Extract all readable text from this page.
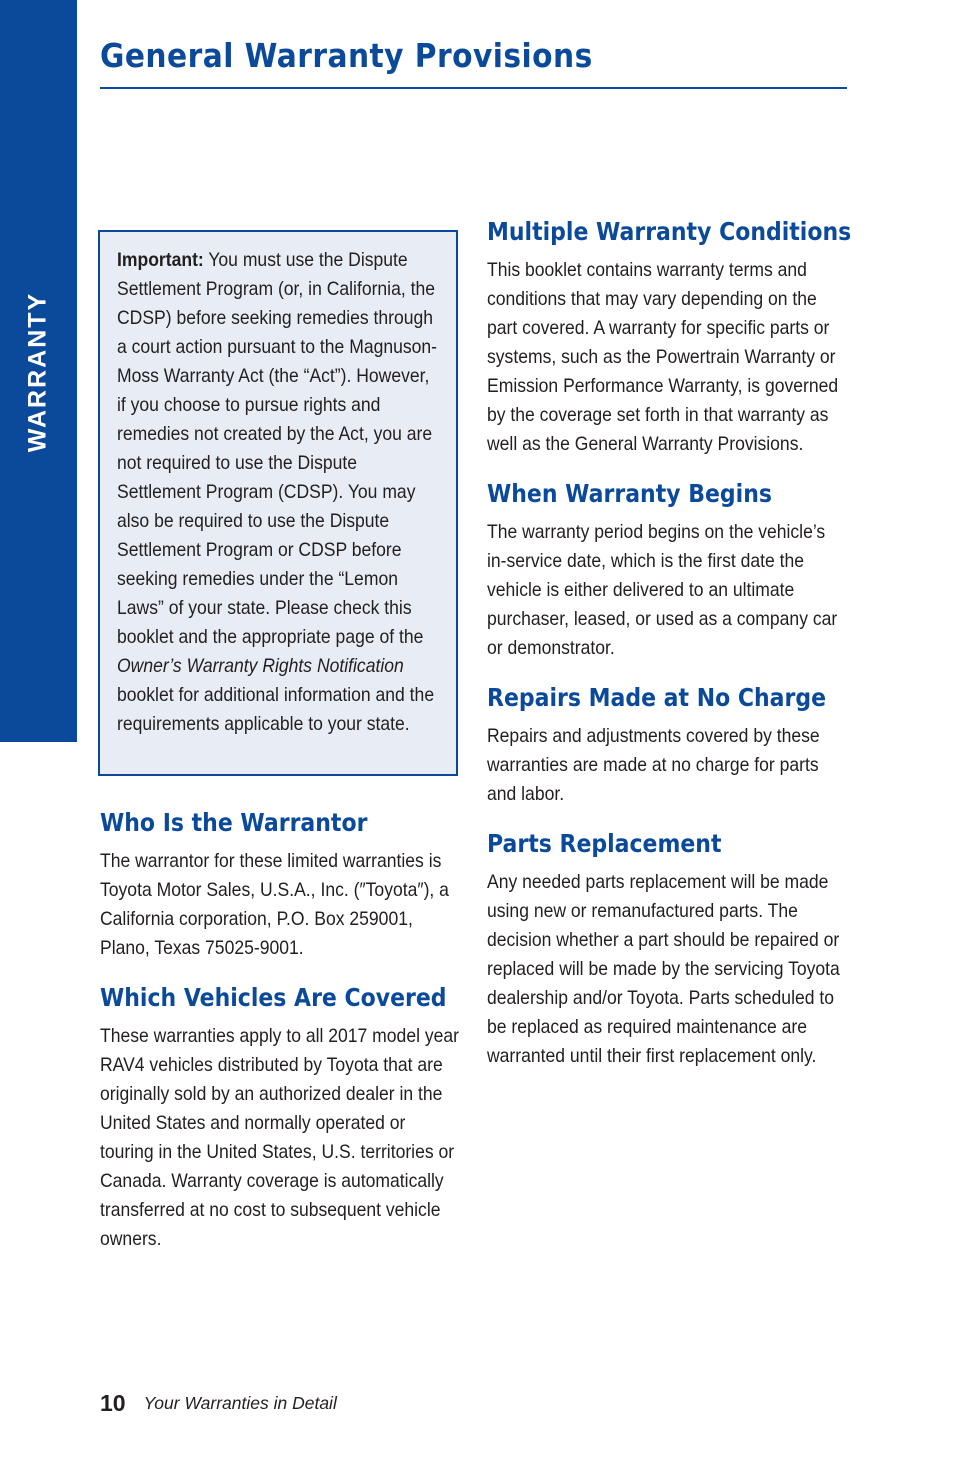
WARRANTY
General Warranty Provisions

Important: You must use the Dispute Settlement Program (or, in California, the CDSP) before seeking remedies through a court action pursuant to the Magnuson-Moss Warranty Act (the “Act”). However, if you choose to pursue rights and remedies not created by the Act, you are not required to use the Dispute Settlement Program (CDSP). You may also be required to use the Dispute Settlement Program or CDSP before seeking remedies under the “Lemon Laws” of your state. Please check this booklet and the appropriate page of the Owner’s Warranty Rights Notification booklet for additional information and the requirements applicable to your state.

Who Is the Warrantor

The warrantor for these limited warranties is Toyota Motor Sales, U.S.A., Inc. (″Toyota″), a California corporation, P.O. Box 259001, Plano, Texas 75025-9001.

Which Vehicles Are Covered

These warranties apply to all 2017 model year RAV4 vehicles distributed by Toyota that are originally sold by an authorized dealer in the United States and normally operated or touring in the United States, U.S. territories or Canada. Warranty coverage is automatically transferred at no cost to subsequent vehicle owners.

Multiple Warranty Conditions

This booklet contains warranty terms and conditions that may vary depending on the part covered. A warranty for specific parts or systems, such as the Powertrain Warranty or Emission Performance Warranty, is governed by the coverage set forth in that warranty as well as the General Warranty Provisions.

When Warranty Begins

The warranty period begins on the vehicle’s in-service date, which is the first date the vehicle is either delivered to an ultimate purchaser, leased, or used as a company car or demonstrator.

Repairs Made at No Charge

Repairs and adjustments covered by these warranties are made at no charge for parts and labor.

Parts Replacement

Any needed parts replacement will be made using new or remanufactured parts. The decision whether a part should be repaired or replaced will be made by the servicing Toyota dealership and/or Toyota. Parts scheduled to be replaced as required maintenance are warranted until their first replacement only.

10 Your Warranties in Detail
